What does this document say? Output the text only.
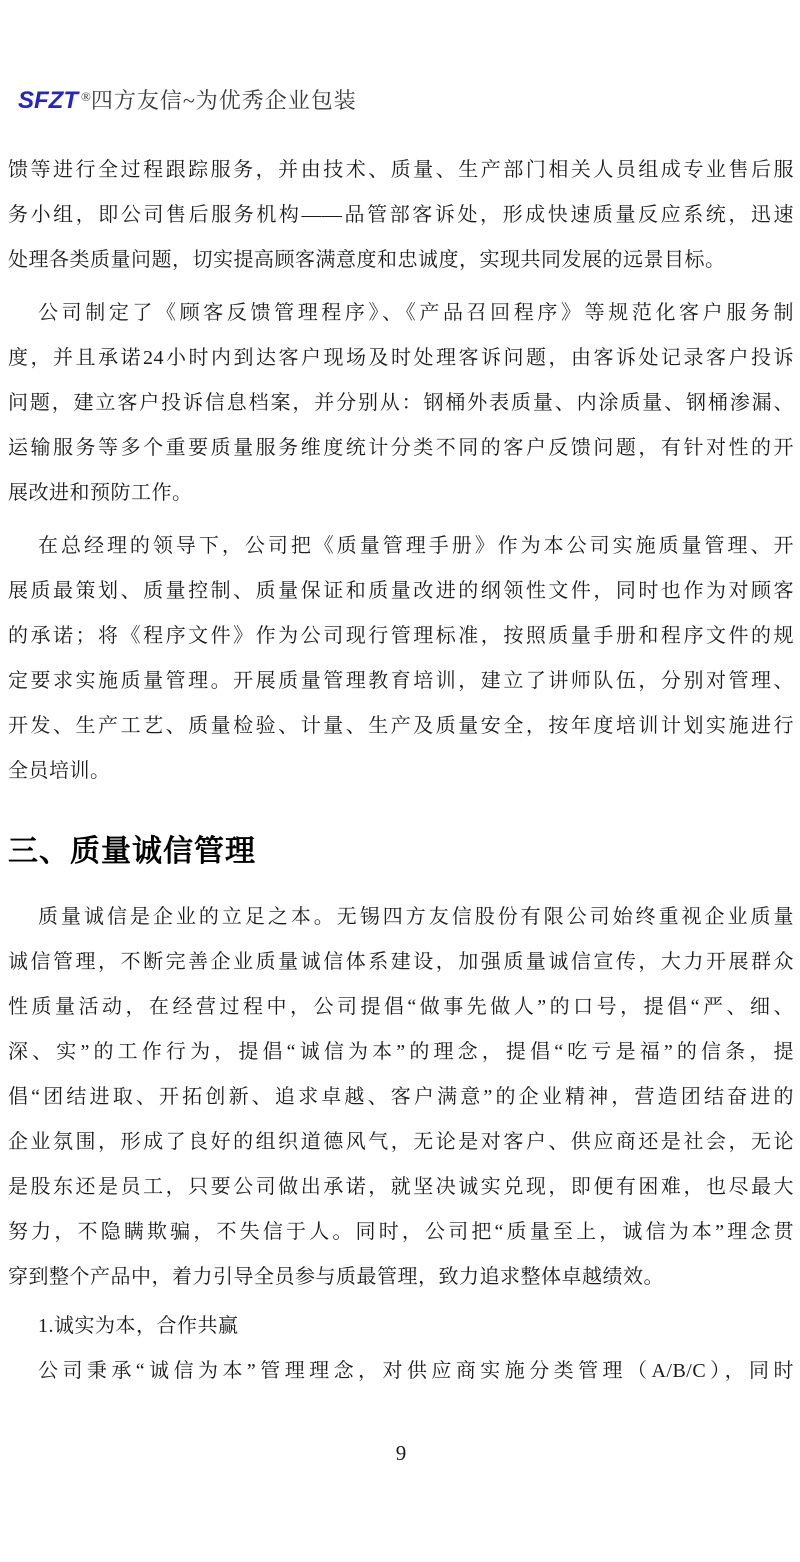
SFZT ®四方友信~为优秀企业包装
馈等进行全过程跟踪服务，并由技术、质量、生产部门相关人员组成专业售后服
务小组，即公司售后服务机构——品管部客诉处，形成快速质量反应系统，迅速
处理各类质量问题，切实提高顾客满意度和忠诚度，实现共同发展的远景目标。
公司制定了《顾客反馈管理程序》、《产品召回程序》等规范化客户服务制
度，并且承诺24小时内到达客户现场及时处理客诉问题，由客诉处记录客户投诉
问题，建立客户投诉信息档案，并分别从：钢桶外表质量、内涂质量、钢桶渗漏、
运输服务等多个重要质量服务维度统计分类不同的客户反馈问题，有针对性的开
展改进和预防工作。
在总经理的领导下，公司把《质量管理手册》作为本公司实施质量管理、开
展质最策划、质量控制、质量保证和质量改进的纲领性文件，同时也作为对顾客
的承诺；将《程序文件》作为公司现行管理标准，按照质量手册和程序文件的规
定要求实施质量管理。开展质量管理教育培训，建立了讲师队伍，分别对管理、
开发、生产工艺、质量检验、计量、生产及质量安全，按年度培训计划实施进行
全员培训。
三、质量诚信管理
质量诚信是企业的立足之本。无锡四方友信股份有限公司始终重视企业质量
诚信管理，不断完善企业质量诚信体系建设，加强质量诚信宣传，大力开展群众
性质量活动，在经营过程中，公司提倡“做事先做人”的口号，提倡“严、细、
深、实”的工作行为，提倡“诚信为本”的理念，提倡“吃亏是福”的信条，提
倡“团结进取、开拓创新、追求卓越、客户满意”的企业精神，营造团结奋进的
企业氛围，形成了良好的组织道德风气，无论是对客户、供应商还是社会，无论
是股东还是员工，只要公司做出承诺，就坚决诚实兑现，即便有困难，也尽最大
努力，不隐瞒欺骗，不失信于人。同时，公司把“质量至上，诚信为本”理念贯
穿到整个产品中，着力引导全员参与质最管理，致力追求整体卓越绩效。
1.诚实为本，合作共赢
公司秉承“诚信为本”管理理念，对供应商实施分类管理（A/B/C），同时
9
